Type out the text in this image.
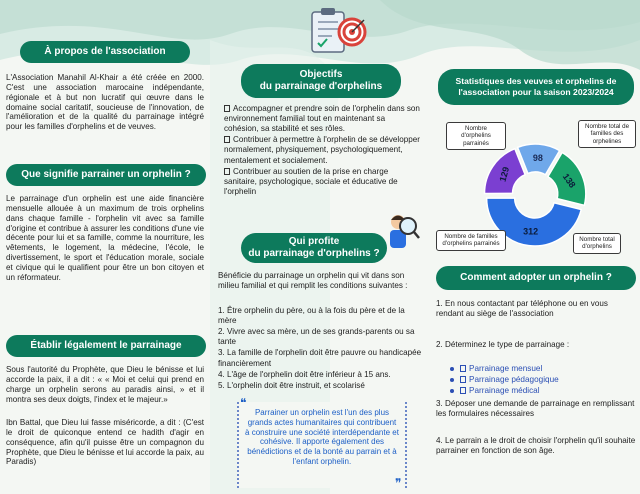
À propos de l'association

L'Association Manahil Al-Khair a été créée en 2000. C'est une association marocaine indépendante, régionale et à but non lucratif qui œuvre dans le domaine social caritatif, soucieuse de l'innovation, de l'amélioration et de la qualité du parrainage intégré pour les familles d'orphelins et de veuves.

Que signifie parrainer un orphelin ?

Le parrainage d'un orphelin est une aide financière mensuelle allouée à un maximum de trois orphelins dans chaque famille - l'orphelin vit avec sa famille d'origine et contribue à assurer les conditions d'une vie décente pour lui et sa famille, comme la nourriture, les vêtements, le logement, la médecine, l'école, le divertissement, le sport et l'éducation morale, sociale et civique qui le qualifient pour être un bon citoyen et un réformateur.

Établir légalement le parrainage

Sous l'autorité du Prophète, que Dieu le bénisse et lui accorde la paix, il a dit : « « Moi et celui qui prend en charge un orphelin serons au paradis ainsi, » et il montra ses deux doigts, l'index et le majeur.»

Ibn Battal, que Dieu lui fasse miséricorde, a dit : (C'est le droit de quiconque entend ce hadith d'agir en conséquence, afin qu'il puisse être un compagnon du Prophète, que Dieu le bénisse et lui accorde la paix, au Paradis)

Objectifs
du parrainage d'orphelins
Accompagner et prendre soin de l'orphelin dans son environnement familial tout en maintenant sa cohésion, sa stabilité et ses rôles.
Contribuer à permettre à l'orphelin de se développer normalement, physiquement, psychologiquement, mentalement et socialement.
Contribuer au soutien de la prise en charge sanitaire, psychologique, sociale et éducative de l'orphelin
Qui profite
du parrainage d'orphelins ?

Bénéficie du parrainage un orphelin qui vit dans son milieu familial et qui remplit les conditions suivantes :

1. Être orphelin du père, ou à la fois du père et de la mère
2. Vivre avec sa mère, un de ses grands-parents ou sa tante
3. La famille de l'orphelin doit être pauvre ou handicapée financièrement
4. L'âge de l'orphelin doit être inférieur à 15 ans.
5. L'orphelin doit être instruit, et scolarisé
Parrainer un orphelin est l'un des plus grands actes humanitaires qui contribuent à construire une société interdépendante et cohésive. Il apporte également des bénédictions et de la bonté au parrain et à l'enfant orphelin.
❝
❞
Statistiques des veuves et orphelins de l'association pour la saison 2023/2024
Comment adopter un orphelin ?

1. En nous contactant par téléphone ou en vous rendant au siège de l'association

2. Déterminez le type de parrainage :

3. Déposer une demande de parrainage en remplissant les formulaires nécessaires

4. Le parrain a le droit de choisir l'orphelin qu'il souhaite parrainer en fonction de son âge.

Parrainage mensuel
Parrainage pédagogique
Parrainage médical
98
138
312
129
Nombre d'orphelins parrainés
Nombre total de familles des orphelines
Nombre total d'orphelins
Nombre de familles d'orphelins parrainés
